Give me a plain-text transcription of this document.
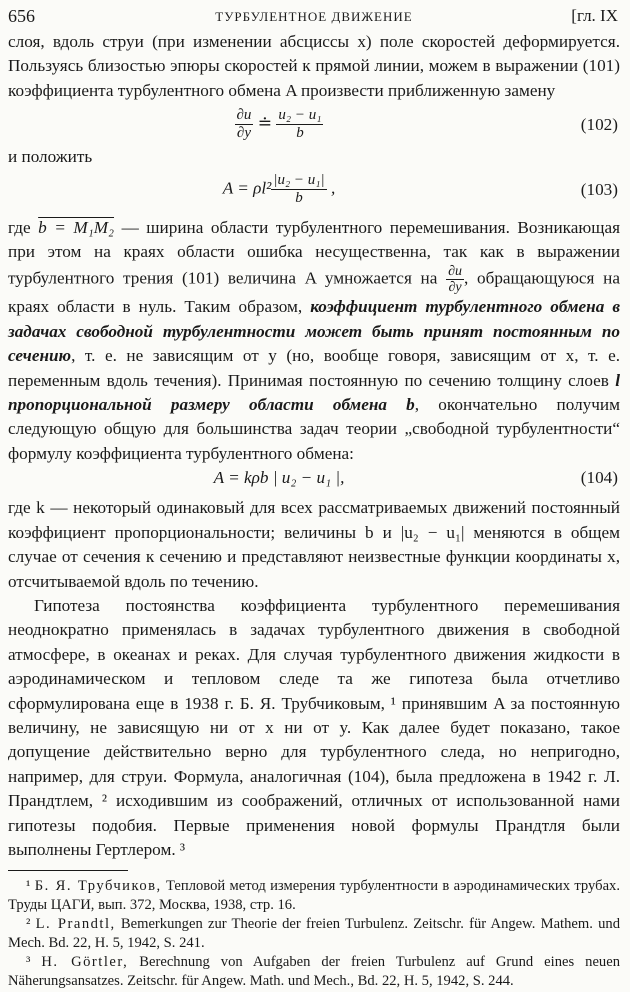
656	ТУРБУЛЕНТНОЕ ДВИЖЕНИЕ	[гл. IX

слоя, вдоль струи (при изменении абсциссы x) поле скоростей деформируется. Пользуясь близостью эпюры скоростей к прямой линии, можем в выражении (101) коэффициента турбулентного обмена A произвести приближенную замену

$\frac{\partial u}{\partial y}$ ≐ $\frac{\text{u₂ − u₁}}{b}$	(102)

и положить

$A = \rho l^2 \frac{\text{|u₂ − u₁|}}{b}$ ,	(103)

где b = M₁M₂ — ширина области турбулентного перемешивания. Возникающая при этом на краях области ошибка несущественна, так как в выражении турбулентного трения (101) величина A умножается на $\frac{\partial u}{\partial y}$ , обращающуюся на краях области в нуль. Таким образом, коэффициент турбулентного обмена в задачах свободной турбулентности может быть принят постоянным по сечению, т. е. не зависящим от y (но, вообще говоря, зависящим от x, т. е. переменным вдоль течения). Принимая постоянную по сечению толщину слоев l пропорциональной размеру области обмена b, окончательно получим следующую общую для большинства задач теории „свободной турбулентности“ формулу коэффициента турбулентного обмена:

A = kρb | u₂ − u₁ |,	(104)

где k — некоторый одинаковый для всех рассматриваемых движений постоянный коэффициент пропорциональности; величины b и |u₂ − u₁| меняются в общем случае от сечения к сечению и представляют неизвестные функции координаты x, отсчитываемой вдоль по течению.

Гипотеза постоянства коэффициента турбулентного перемешивания неоднократно применялась в задачах турбулентного движения в свободной атмосфере, в океанах и реках. Для случая турбулентного движения жидкости в аэродинамическом и тепловом следе та же гипотеза была отчетливо сформулирована еще в 1938 г. Б. Я. Трубчиковым, ¹ принявшим A за постоянную величину, не зависящую ни от x ни от y. Как далее будет показано, такое допущение действительно верно для турбулентного следа, но непригодно, например, для струи. Формула, аналогичная (104), была предложена в 1942 г. Л. Прандтлем, ² исходившим из соображений, отличных от использованной нами гипотезы подобия. Первые применения новой формулы Прандтля были выполнены Гертлером. ³

¹ Б. Я. Трубчиков, Тепловой метод измерения турбулентности в аэродинамических трубах. Труды ЦАГИ, вып. 372, Москва, 1938, стр. 16.

² L. Prandtl, Bemerkungen zur Theorie der freien Turbulenz. Zeitschr. für Angew. Mathem. und Mech. Bd. 22, H. 5, 1942, S. 241.

³ H. Görtler, Berechnung von Aufgaben der freien Turbulenz auf Grund eines neuen Näherungsansatzes. Zeitschr. für Angew. Math. und Mech., Bd. 22, H. 5, 1942, S. 244.
